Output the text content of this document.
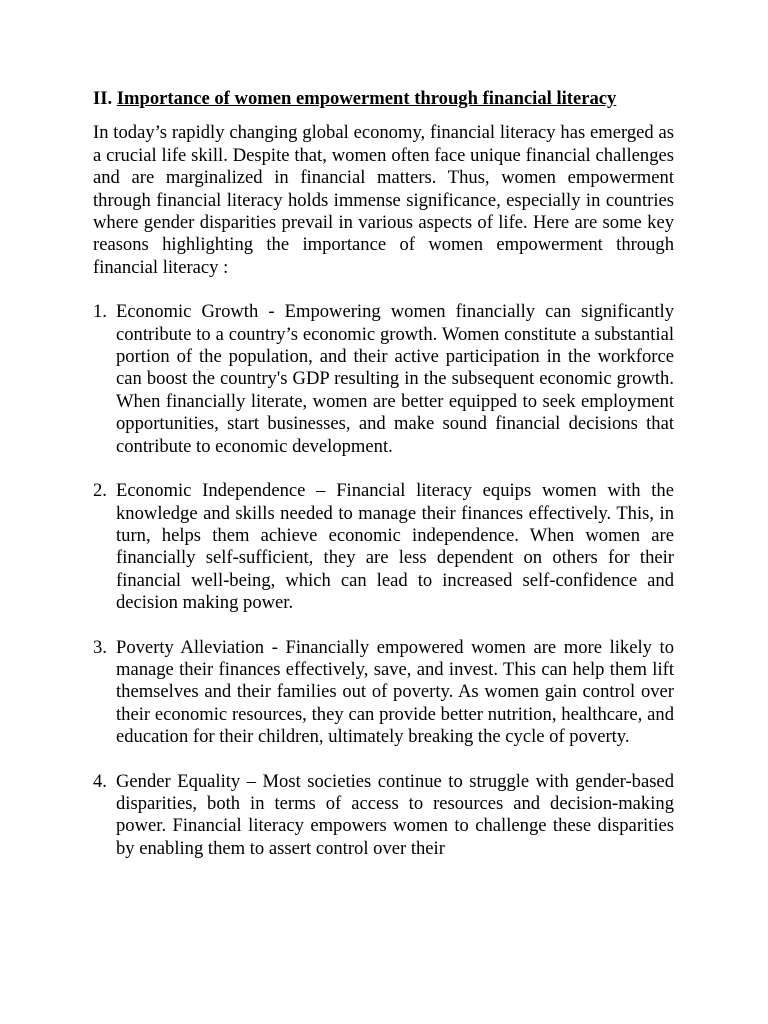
II. Importance of women empowerment through financial literacy

In today’s rapidly changing global economy, financial literacy has emerged as a crucial life skill. Despite that, women often face unique financial challenges and are marginalized in financial matters. Thus, women empowerment through financial literacy holds immense significance, especially in countries where gender disparities prevail in various aspects of life. Here are some key reasons highlighting the importance of women empowerment through financial literacy :

1. Economic Growth - Empowering women financially can significantly contribute to a country’s economic growth. Women constitute a substantial portion of the population, and their active participation in the workforce can boost the country's GDP resulting in the subsequent economic growth. When financially literate, women are better equipped to seek employment opportunities, start businesses, and make sound financial decisions that contribute to economic development.
2. Economic Independence – Financial literacy equips women with the knowledge and skills needed to manage their finances effectively. This, in turn, helps them achieve economic independence. When women are financially self-sufficient, they are less dependent on others for their financial well-being, which can lead to increased self-confidence and decision making power.
3. Poverty Alleviation - Financially empowered women are more likely to manage their finances effectively, save, and invest. This can help them lift themselves and their families out of poverty. As women gain control over their economic resources, they can provide better nutrition, healthcare, and education for their children, ultimately breaking the cycle of poverty.
4. Gender Equality – Most societies continue to struggle with gender-based disparities, both in terms of access to resources and decision-making power. Financial literacy empowers women to challenge these disparities by enabling them to assert control over their
